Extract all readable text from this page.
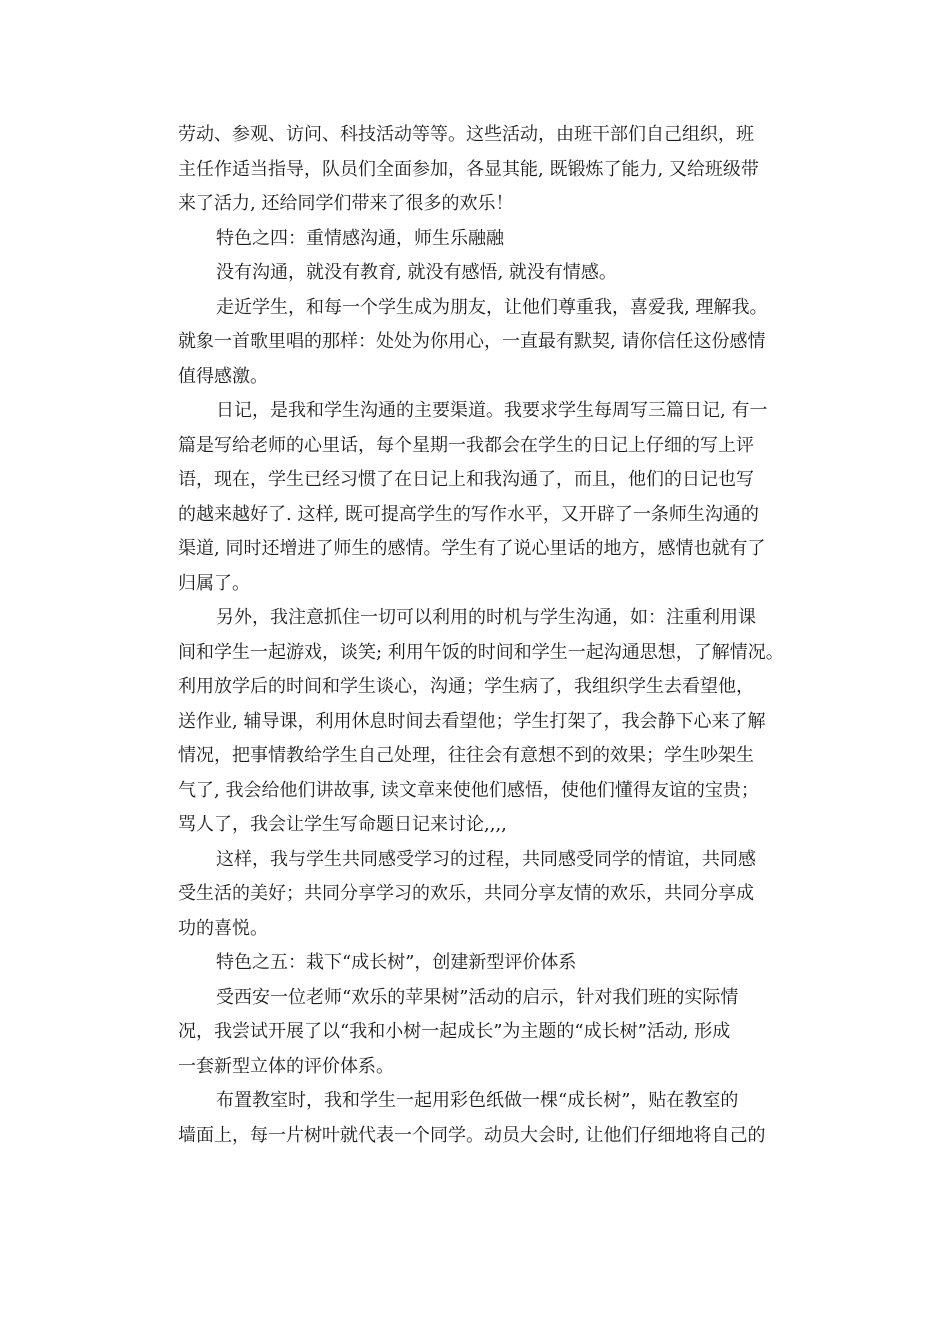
劳动、参观、访问、科技活动等等。这些活动，由班干部们自己组织，班
主任作适当指导，队员们全面参加，各显其能, 既锻炼了能力, 又给班级带
来了活力, 还给同学们带来了很多的欢乐！
特色之四：重情感沟通，师生乐融融
没有沟通，就没有教育, 就没有感悟, 就没有情感。
走近学生，和每一个学生成为朋友，让他们尊重我，喜爱我, 理解我。
就象一首歌里唱的那样：处处为你用心，一直最有默契, 请你信任这份感情
值得感激。
日记，是我和学生沟通的主要渠道。我要求学生每周写三篇日记, 有一
篇是写给老师的心里话，每个星期一我都会在学生的日记上仔细的写上评
语，现在，学生已经习惯了在日记上和我沟通了，而且，他们的日记也写
的越来越好了. 这样, 既可提高学生的写作水平，又开辟了一条师生沟通的
渠道, 同时还增进了师生的感情。学生有了说心里话的地方，感情也就有了
归属了。
另外，我注意抓住一切可以利用的时机与学生沟通，如：注重利用课
间和学生一起游戏，谈笑; 利用午饭的时间和学生一起沟通思想，了解情况。
利用放学后的时间和学生谈心，沟通；学生病了，我组织学生去看望他，
送作业, 辅导课，利用休息时间去看望他；学生打架了，我会静下心来了解
情况，把事情教给学生自己处理，往往会有意想不到的效果；学生吵架生
气了, 我会给他们讲故事, 读文章来使他们感悟，使他们懂得友谊的宝贵；
骂人了，我会让学生写命题日记来讨论,,,,
这样，我与学生共同感受学习的过程，共同感受同学的情谊，共同感
受生活的美好；共同分享学习的欢乐，共同分享友情的欢乐，共同分享成
功的喜悦。
特色之五：栽下“成长树”，创建新型评价体系
受西安一位老师“欢乐的苹果树”活动的启示，针对我们班的实际情
况，我尝试开展了以“我和小树一起成长”为主题的“成长树”活动, 形成
一套新型立体的评价体系。
布置教室时，我和学生一起用彩色纸做一棵“成长树”，贴在教室的
墙面上，每一片树叶就代表一个同学。动员大会时, 让他们仔细地将自己的
